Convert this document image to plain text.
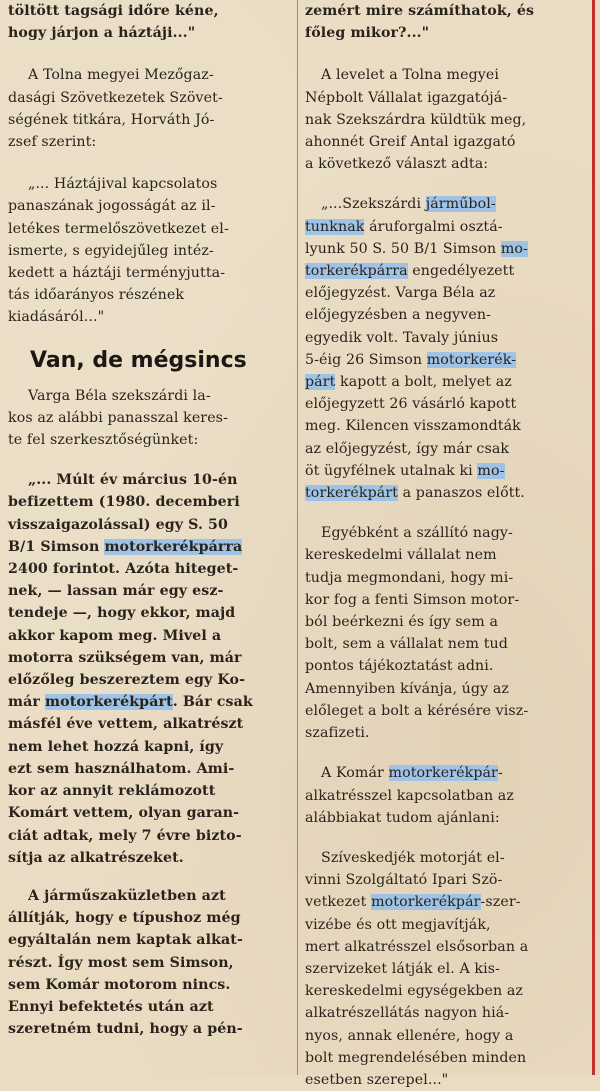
töltött tagsági időre kéne,
hogy járjon a háztáji..."

A Tolna megyei Mezőgaz-
dasági Szövetkezetek Szövet-
ségének titkára, Horváth Jó-
zsef szerint:

„... Háztájival kapcsolatos
panaszának jogosságát az il-
letékes termelőszövetkezet el-
ismerte, s egyidejűleg intéz-
kedett a háztáji terményjutta-
tás időarányos részének
kiadásáról..."

Van, de mégsincs

Varga Béla szekszárdi la-
kos az alábbi panasszal keres-
te fel szerkesztőségünket:

„... Múlt év március 10-én
befizettem (1980. decemberi
visszaigazolással) egy S. 50
B/1 Simson motorkerékpárra
2400 forintot. Azóta hiteget-
nek, — lassan már egy esz-
tendeje —, hogy ekkor, majd
akkor kapom meg. Mivel a
motorra szükségem van, már
előzőleg beszereztem egy Ko-
már motorkerékpárt. Bár csak
másfél éve vettem, alkatrészt
nem lehet hozzá kapni, így
ezt sem használhatom. Ami-
kor az annyit reklámozott
Komárt vettem, olyan garan-
ciát adtak, mely 7 évre bizto-
sítja az alkatrészeket.

A járműszaküzletben azt
állítják, hogy e típushoz még
egyáltalán nem kaptak alkat-
részt. Így most sem Simson,
sem Komár motorom nincs.
Ennyi befektetés után azt
szeretném tudni, hogy a pén-

zemért mire számíthatok, és
főleg mikor?..."

A levelet a Tolna megyei
Népbolt Vállalat igazgatójá-
nak Szekszárdra küldtük meg,
ahonnét Greif Antal igazgató
a következő választ adta:

„...Szekszárdi járműbol-
tunknak áruforgalmi osztá-
lyunk 50 S. 50 B/1 Simson mo-
torkerékpárra engedélyezett
előjegyzést. Varga Béla az
előjegyzésben a negyven-
egyedik volt. Tavaly június
5-éig 26 Simson motorkerék-
párt kapott a bolt, melyet az
előjegyzett 26 vásárló kapott
meg. Kilencen visszamondták
az előjegyzést, így már csak
öt ügyfélnek utalnak ki mo-
torkerékpárt a panaszos előtt.

Egyébként a szállító nagy-
kereskedelmi vállalat nem
tudja megmondani, hogy mi-
kor fog a fenti Simson motor-
ból beérkezni és így sem a
bolt, sem a vállalat nem tud
pontos tájékoztatást adni.
Amennyiben kívánja, úgy az
előleget a bolt a kérésére visz-
szafizeti.

A Komár motorkerékpár-
alkatrésszel kapcsolatban az
alábbiakat tudom ajánlani:

Szíveskedjék motorját el-
vinni Szolgáltató Ipari Szö-
vetkezet motorkerékpár-szer-
vizébe és ott megjavítják,
mert alkatrésszel elsősorban a
szervizeket látják el. A kis-
kereskedelmi egységekben az
alkatrészellátás nagyon hiá-
nyos, annak ellenére, hogy a
bolt megrendelésében minden
esetben szerepel..."
